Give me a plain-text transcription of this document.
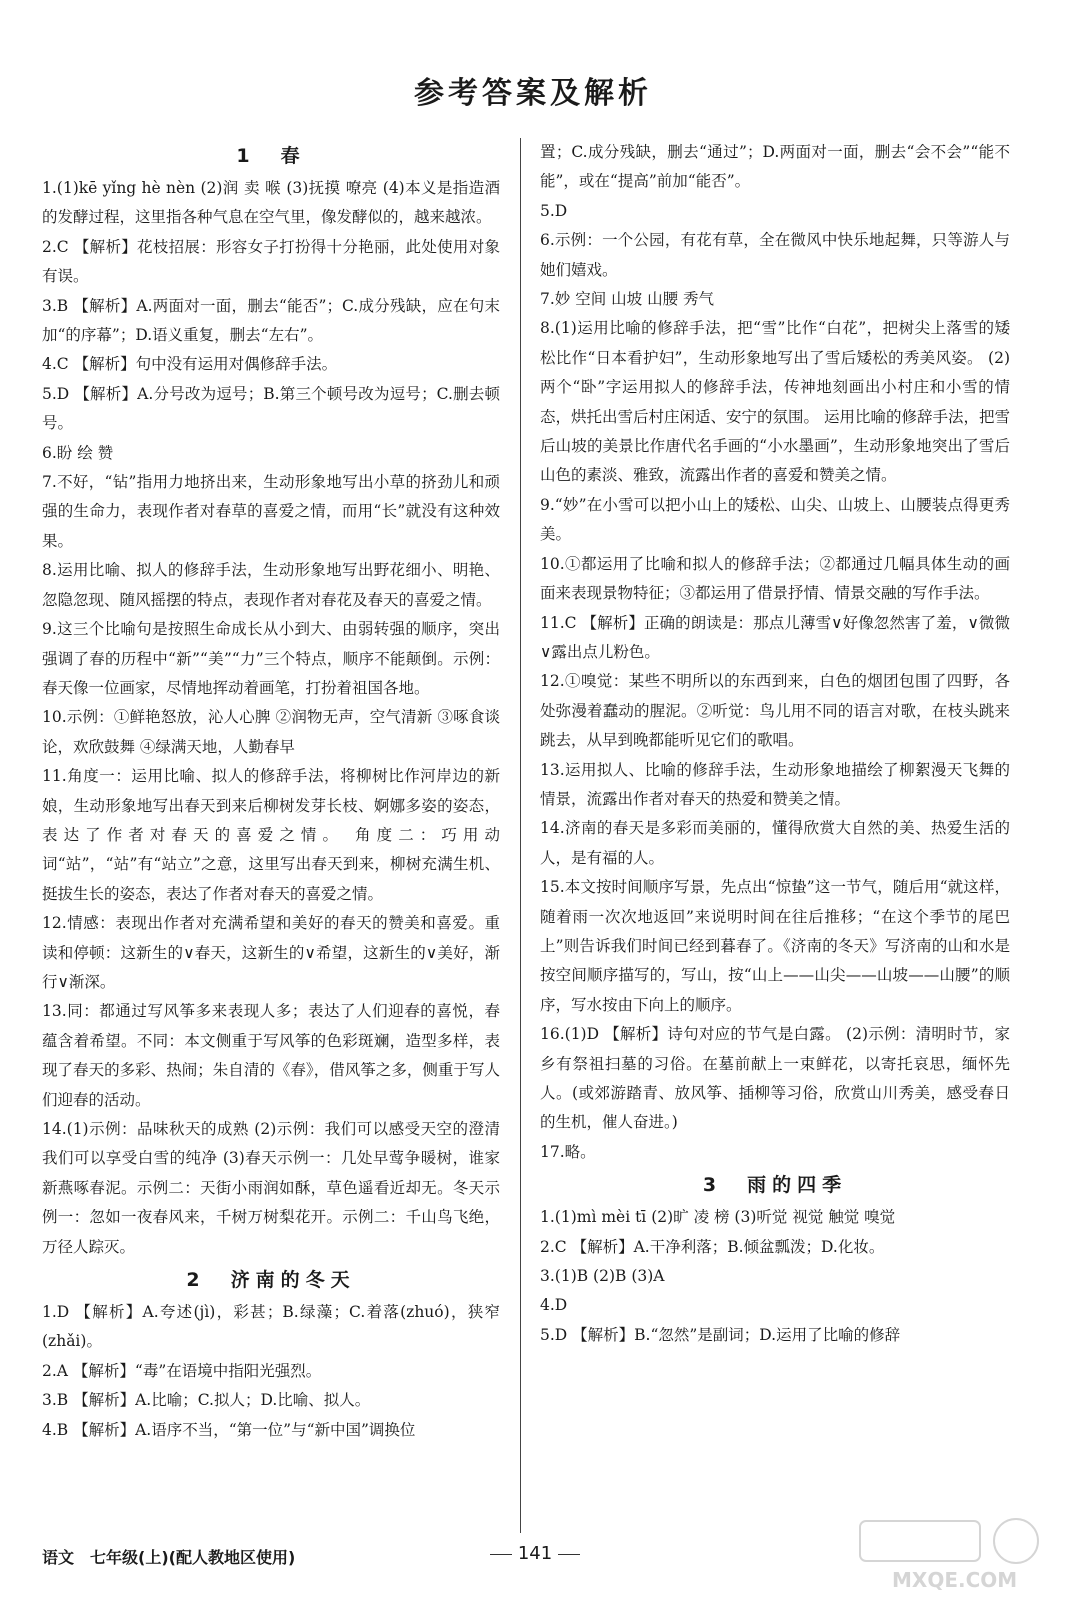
参考答案及解析
1　春
1.(1)kē yǐng hè nèn (2)润 卖 喉 (3)抚摸 嘹亮 (4)本义是指造酒的发酵过程，这里指各种气息在空气里，像发酵似的，越来越浓。
2.C 【解析】花枝招展：形容女子打扮得十分艳丽，此处使用对象有误。
3.B 【解析】A.两面对一面，删去“能否”；C.成分残缺，应在句末加“的序幕”；D.语义重复，删去“左右”。
4.C 【解析】句中没有运用对偶修辞手法。
5.D 【解析】A.分号改为逗号；B.第三个顿号改为逗号；C.删去顿号。
6.盼 绘 赞
7.不好，“钻”指用力地挤出来，生动形象地写出小草的挤劲儿和顽强的生命力，表现作者对春草的喜爱之情，而用“长”就没有这种效果。
8.运用比喻、拟人的修辞手法，生动形象地写出野花细小、明艳、忽隐忽现、随风摇摆的特点，表现作者对春花及春天的喜爱之情。
9.这三个比喻句是按照生命成长从小到大、由弱转强的顺序，突出强调了春的历程中“新”“美”“力”三个特点，顺序不能颠倒。示例：春天像一位画家，尽情地挥动着画笔，打扮着祖国各地。
10.示例：①鲜艳怒放，沁人心脾 ②润物无声，空气清新 ③啄食谈论，欢欣鼓舞 ④绿满天地，人勤春早
11.角度一：运用比喻、拟人的修辞手法，将柳树比作河岸边的新娘，生动形象地写出春天到来后柳树发芽长枝、婀娜多姿的姿态，表达了作者对春天的喜爱之情。 角度二：巧用动词“站”，“站”有“站立”之意，这里写出春天到来，柳树充满生机、挺拔生长的姿态，表达了作者对春天的喜爱之情。
12.情感：表现出作者对充满希望和美好的春天的赞美和喜爱。重读和停顿：这新生的∨春天，这新生的∨希望，这新生的∨美好，渐行∨渐深。
13.同：都通过写风筝多来表现人多；表达了人们迎春的喜悦，春蕴含着希望。不同：本文侧重于写风筝的色彩斑斓，造型多样，表现了春天的多彩、热闹；朱自清的《春》，借风筝之多，侧重于写人们迎春的活动。
14.(1)示例：品味秋天的成熟 (2)示例：我们可以感受天空的澄清 我们可以享受白雪的纯净 (3)春天示例一：几处早莺争暖树，谁家新燕啄春泥。示例二：天街小雨润如酥，草色遥看近却无。冬天示例一：忽如一夜春风来，千树万树梨花开。示例二：千山鸟飞绝，万径人踪灭。
2　济南的冬天
1.D 【解析】A.夸述(jì)，彩甚；B.绿藻；C.着落(zhuó)，狭窄(zhǎi)。
2.A 【解析】“毒”在语境中指阳光强烈。
3.B 【解析】A.比喻；C.拟人；D.比喻、拟人。
4.B 【解析】A.语序不当，“第一位”与“新中国”调换位
置；C.成分残缺，删去“通过”；D.两面对一面，删去“会不会”“能不能”，或在“提高”前加“能否”。
5.D
6.示例：一个公园，有花有草，全在微风中快乐地起舞，只等游人与她们嬉戏。
7.妙 空间 山坡 山腰 秀气
8.(1)运用比喻的修辞手法，把“雪”比作“白花”，把树尖上落雪的矮松比作“日本看护妇”，生动形象地写出了雪后矮松的秀美风姿。 (2)两个“卧”字运用拟人的修辞手法，传神地刻画出小村庄和小雪的情态，烘托出雪后村庄闲适、安宁的氛围。 运用比喻的修辞手法，把雪后山坡的美景比作唐代名手画的“小水墨画”，生动形象地突出了雪后山色的素淡、雅致，流露出作者的喜爱和赞美之情。
9.“妙”在小雪可以把小山上的矮松、山尖、山坡上、山腰装点得更秀美。
10.①都运用了比喻和拟人的修辞手法；②都通过几幅具体生动的画面来表现景物特征；③都运用了借景抒情、情景交融的写作手法。
11.C 【解析】正确的朗读是：那点儿薄雪∨好像忽然害了羞，∨微微∨露出点儿粉色。
12.①嗅觉：某些不明所以的东西到来，白色的烟团包围了四野，各处弥漫着蠢动的腥泥。②听觉：鸟儿用不同的语言对歌，在枝头跳来跳去，从早到晚都能听见它们的歌唱。
13.运用拟人、比喻的修辞手法，生动形象地描绘了柳絮漫天飞舞的情景，流露出作者对春天的热爱和赞美之情。
14.济南的春天是多彩而美丽的，懂得欣赏大自然的美、热爱生活的人，是有福的人。
15.本文按时间顺序写景，先点出“惊蛰”这一节气，随后用“就这样，随着雨一次次地返回”来说明时间在往后推移；“在这个季节的尾巴上”则告诉我们时间已经到暮春了。《济南的冬天》写济南的山和水是按空间顺序描写的，写山，按“山上——山尖——山坡——山腰”的顺序，写水按由下向上的顺序。
16.(1)D 【解析】诗句对应的节气是白露。 (2)示例：清明时节，家乡有祭祖扫墓的习俗。在墓前献上一束鲜花，以寄托哀思，缅怀先人。(或郊游踏青、放风筝、插柳等习俗，欣赏山川秀美，感受春日的生机，催人奋进。)
17.略。
3　雨的四季
1.(1)mì mèi tī (2)旷 凌 榜 (3)听觉 视觉 触觉 嗅觉
2.C 【解析】A.干净利落；B.倾盆瓢泼；D.化妆。
3.(1)B (2)B (3)A
4.D
5.D 【解析】B.“忽然”是副词；D.运用了比喻的修辞
语文　七年级(上)(配人教地区使用)	141
MXQE.COM
